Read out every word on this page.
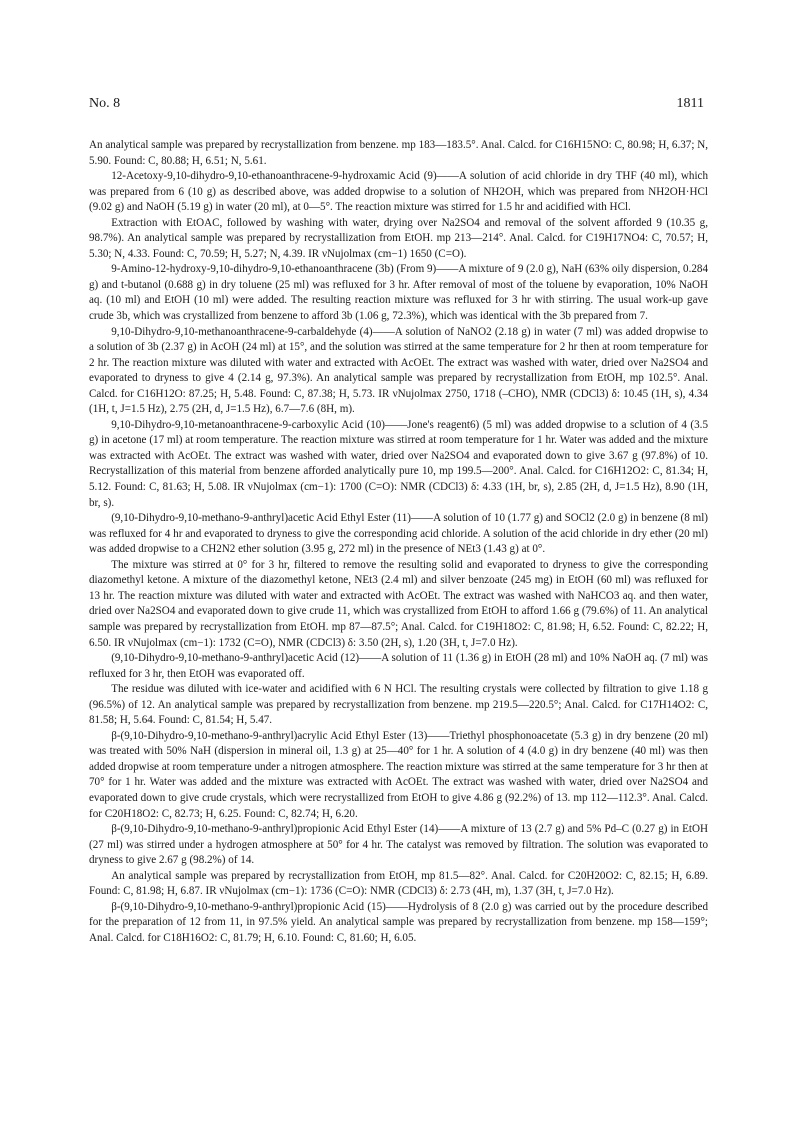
No. 8	1811

An analytical sample was prepared by recrystallization from benzene. mp 183—183.5°. Anal. Calcd. for C16H15NO: C, 80.98; H, 6.37; N, 5.90. Found: C, 80.88; H, 6.51; N, 5.61.

12-Acetoxy-9,10-dihydro-9,10-ethanoanthracene-9-hydroxamic Acid (9)——A solution of acid chloride in dry THF (40 ml), which was prepared from 6 (10 g) as described above, was added dropwise to a solution of NH2OH, which was prepared from NH2OH·HCl (9.02 g) and NaOH (5.19 g) in water (20 ml), at 0—5°. The reaction mixture was stirred for 1.5 hr and acidified with HCl.

Extraction with EtOAC, followed by washing with water, drying over Na2SO4 and removal of the solvent afforded 9 (10.35 g, 98.7%). An analytical sample was prepared by recrystallization from EtOH. mp 213—214°. Anal. Calcd. for C19H17NO4: C, 70.57; H, 5.30; N, 4.33. Found: C, 70.59; H, 5.27; N, 4.39. IR νNujolmax (cm−1) 1650 (C=O).

9-Amino-12-hydroxy-9,10-dihydro-9,10-ethanoanthracene (3b) (From 9)——A mixture of 9 (2.0 g), NaH (63% oily dispersion, 0.284 g) and t-butanol (0.688 g) in dry toluene (25 ml) was refluxed for 3 hr. After removal of most of the toluene by evaporation, 10% NaOH aq. (10 ml) and EtOH (10 ml) were added. The resulting reaction mixture was refluxed for 3 hr with stirring. The usual work-up gave crude 3b, which was crystallized from benzene to afford 3b (1.06 g, 72.3%), which was identical with the 3b prepared from 7.

9,10-Dihydro-9,10-methanoanthracene-9-carbaldehyde (4)——A solution of NaNO2 (2.18 g) in water (7 ml) was added dropwise to a solution of 3b (2.37 g) in AcOH (24 ml) at 15°, and the solution was stirred at the same temperature for 2 hr then at room temperature for 2 hr. The reaction mixture was diluted with water and extracted with AcOEt. The extract was washed with water, dried over Na2SO4 and evaporated to dryness to give 4 (2.14 g, 97.3%). An analytical sample was prepared by recrystallization from EtOH, mp 102.5°. Anal. Calcd. for C16H12O: 87.25; H, 5.48. Found: C, 87.38; H, 5.73. IR νNujolmax 2750, 1718 (–CHO), NMR (CDCl3) δ: 10.45 (1H, s), 4.34 (1H, t, J=1.5 Hz), 2.75 (2H, d, J=1.5 Hz), 6.7—7.6 (8H, m).

9,10-Dihydro-9,10-metanoanthracene-9-carboxylic Acid (10)——Jone's reagent6) (5 ml) was added dropwise to a sclution of 4 (3.5 g) in acetone (17 ml) at room temperature. The reaction mixture was stirred at room temperature for 1 hr. Water was added and the mixture was extracted with AcOEt. The extract was washed with water, dried over Na2SO4 and evaporated down to give 3.67 g (97.8%) of 10. Recrystallization of this material from benzene afforded analytically pure 10, mp 199.5—200°. Anal. Calcd. for C16H12O2: C, 81.34; H, 5.12. Found: C, 81.63; H, 5.08. IR νNujolmax (cm−1): 1700 (C=O): NMR (CDCl3) δ: 4.33 (1H, br, s), 2.85 (2H, d, J=1.5 Hz), 8.90 (1H, br, s).

(9,10-Dihydro-9,10-methano-9-anthryl)acetic Acid Ethyl Ester (11)——A solution of 10 (1.77 g) and SOCl2 (2.0 g) in benzene (8 ml) was refluxed for 4 hr and evaporated to dryness to give the corresponding acid chloride. A solution of the acid chloride in dry ether (20 ml) was added dropwise to a CH2N2 ether solution (3.95 g, 272 ml) in the presence of NEt3 (1.43 g) at 0°.

The mixture was stirred at 0° for 3 hr, filtered to remove the resulting solid and evaporated to dryness to give the corresponding diazomethyl ketone. A mixture of the diazomethyl ketone, NEt3 (2.4 ml) and silver benzoate (245 mg) in EtOH (60 ml) was refluxed for 13 hr. The reaction mixture was diluted with water and extracted with AcOEt. The extract was washed with NaHCO3 aq. and then water, dried over Na2SO4 and evaporated down to give crude 11, which was crystallized from EtOH to afford 1.66 g (79.6%) of 11. An analytical sample was prepared by recrystallization from EtOH. mp 87—87.5°; Anal. Calcd. for C19H18O2: C, 81.98; H, 6.52. Found: C, 82.22; H, 6.50. IR νNujolmax (cm−1): 1732 (C=O), NMR (CDCl3) δ: 3.50 (2H, s), 1.20 (3H, t, J=7.0 Hz).

(9,10-Dihydro-9,10-methano-9-anthryl)acetic Acid (12)——A solution of 11 (1.36 g) in EtOH (28 ml) and 10% NaOH aq. (7 ml) was refluxed for 3 hr, then EtOH was evaporated off.

The residue was diluted with ice-water and acidified with 6 N HCl. The resulting crystals were collected by filtration to give 1.18 g (96.5%) of 12. An analytical sample was prepared by recrystallization from benzene. mp 219.5—220.5°; Anal. Calcd. for C17H14O2: C, 81.58; H, 5.64. Found: C, 81.54; H, 5.47.

β-(9,10-Dihydro-9,10-methano-9-anthryl)acrylic Acid Ethyl Ester (13)——Triethyl phosphonoacetate (5.3 g) in dry benzene (20 ml) was treated with 50% NaH (dispersion in mineral oil, 1.3 g) at 25—40° for 1 hr. A solution of 4 (4.0 g) in dry benzene (40 ml) was then added dropwise at room temperature under a nitrogen atmosphere. The reaction mixture was stirred at the same temperature for 3 hr then at 70° for 1 hr. Water was added and the mixture was extracted with AcOEt. The extract was washed with water, dried over Na2SO4 and evaporated down to give crude crystals, which were recrystallized from EtOH to give 4.86 g (92.2%) of 13. mp 112—112.3°. Anal. Calcd. for C20H18O2: C, 82.73; H, 6.25. Found: C, 82.74; H, 6.20.

β-(9,10-Dihydro-9,10-methano-9-anthryl)propionic Acid Ethyl Ester (14)——A mixture of 13 (2.7 g) and 5% Pd–C (0.27 g) in EtOH (27 ml) was stirred under a hydrogen atmosphere at 50° for 4 hr. The catalyst was removed by filtration. The solution was evaporated to dryness to give 2.67 g (98.2%) of 14.

An analytical sample was prepared by recrystallization from EtOH, mp 81.5—82°. Anal. Calcd. for C20H20O2: C, 82.15; H, 6.89. Found: C, 81.98; H, 6.87. IR νNujolmax (cm−1): 1736 (C=O): NMR (CDCl3) δ: 2.73 (4H, m), 1.37 (3H, t, J=7.0 Hz).

β-(9,10-Dihydro-9,10-methano-9-anthryl)propionic Acid (15)——Hydrolysis of 8 (2.0 g) was carried out by the procedure described for the preparation of 12 from 11, in 97.5% yield. An analytical sample was prepared by recrystallization from benzene. mp 158—159°; Anal. Calcd. for C18H16O2: C, 81.79; H, 6.10. Found: C, 81.60; H, 6.05.
